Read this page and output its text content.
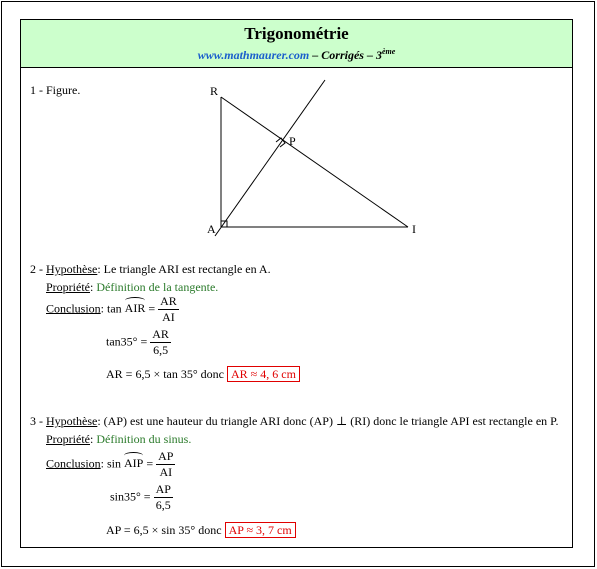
Trigonométrie
www.mathmaurer.com – Corrigés – 3ème
1 - Figure.	R
P
A	I
2 - Hypothèse: Le triangle ARI est rectangle en A.
Propriété: Définition de la tangente.
Conclusion: tan AIR = $\frac{AR}{AI}$
$\tan 35^\circ = \frac{AR}{6,5}$
AR = 6,5 × tan 35° donc AR ≈ 4, 6 cm
3 - Hypothèse: (AP) est une hauteur du triangle ARI donc (AP) ⊥ (RI) donc le triangle API est rectangle en P.
Propriété: Définition du sinus.
Conclusion: sin AIP = $\frac{AP}{AI}$
$\sin 35^\circ = \frac{AP}{6,5}$
AP = 6,5 × sin 35° donc AP ≈ 3, 7 cm
